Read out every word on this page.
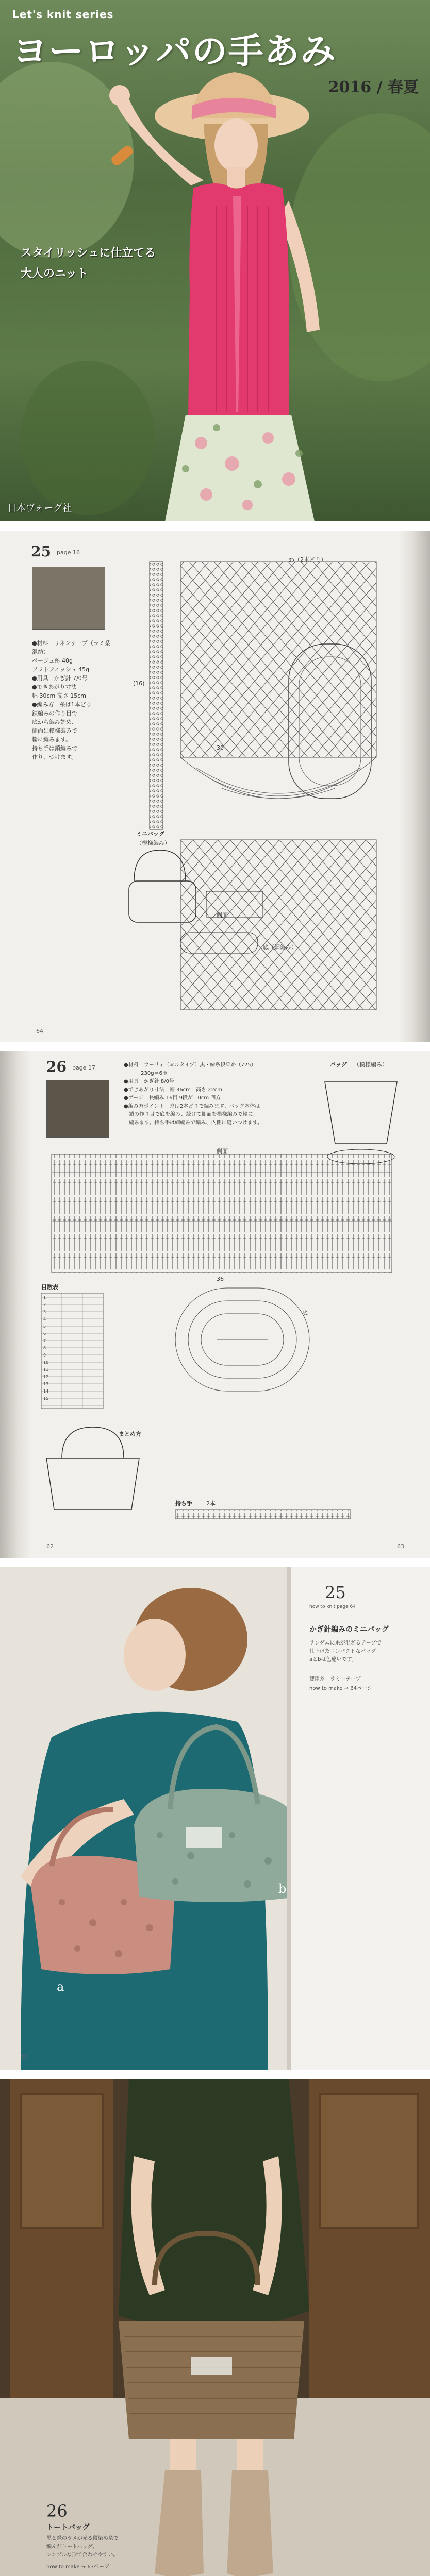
Let's knit series
ヨーロッパの手あみ
2016 / 春夏
スタイリッシュに仕立てる
大人のニット
日本ヴォーグ社
25 page 16
●材料　リネンテープ（ラミ系混紡）
ベージュ系 40g
ソフトフィッシュ 45g
●用具　かぎ針 7/0号
●できあがり寸法
幅 30cm 高さ 15cm
●編み方　糸は1本どり
鎖編みの作り目で
底から編み始め、
側面は模様編みで
輪に編みます。
持ち手は鎖編みで
作り、つけます。
わ（2本どり）
(16)
30
ミニバッグ
（模様編み）
側面
底（細編み）
64
26 page 17	●材料　ウーリィ（ヨルタイプ）黒・緑系段染め（725）
　　　 230g＝6玉
●用具　かぎ針 8/0号
●できあがり寸法　幅 36cm　高さ 22cm
●ゲージ　長編み 16目 9段が 10cm 四方
●編み方ポイント　糸は2本どりで編みます。バッグ本体は
　鎖の作り目で底を編み、続けて側面を模様編みで輪に
　編みます。持ち手は細編みで編み、内側に縫いつけます。
バッグ （模様編み）
側面
36
底
目数表
1
2
3
4
5
6
7
8
9
10
11
12
13
14
15
まとめ方
持ち手 2本
62	63
a
b
25
how to knit page 64
かぎ針編みのミニバッグ
ランダムに糸が混ざるテープで
仕上げたコンパクトなバッグ。
aとbは色違いです。
使用糸　ラミーテープ
how to make → 64ページ
16
26
トートバッグ
黒と緑のラメが光る段染め糸で
編んだトートバッグ。
シンプルな形で合わせやすい。
how to make → 63ページ
